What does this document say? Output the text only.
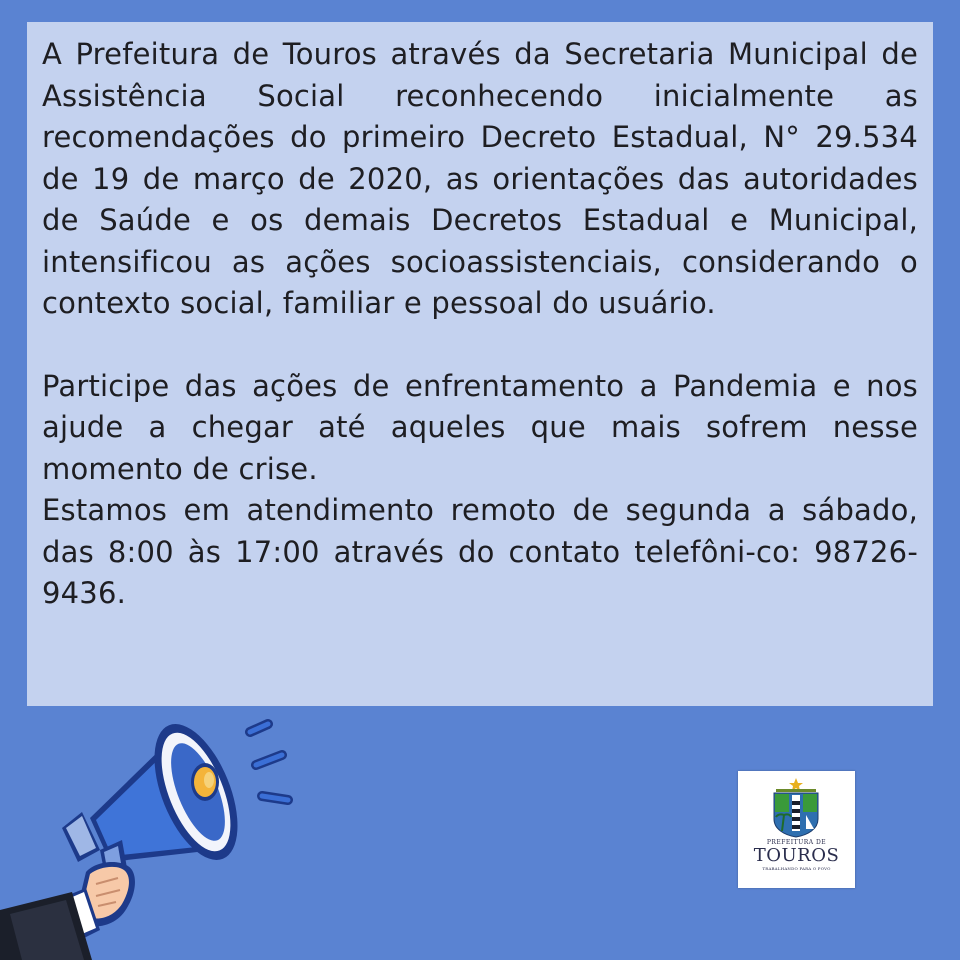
A Prefeitura de Touros através da Secretaria Municipal de Assistência Social reconhecendo inicialmente as recomendações do primeiro Decreto Estadual, N° 29.534 de 19 de março de 2020, as orientações das autoridades de Saúde e os demais Decretos Estadual e Municipal, intensificou as ações socioassistenciais, considerando o contexto social, familiar e pessoal do usuário.

Participe das ações de enfrentamento a Pandemia e nos ajude a chegar até aqueles que mais sofrem nesse momento de crise.

Estamos em atendimento remoto de segunda a sábado, das 8:00 às 17:00 através do contato telefôni-co: 98726-9436.

PREFEITURA DE
TOUROS
TRABALHANDO PARA O POVO
